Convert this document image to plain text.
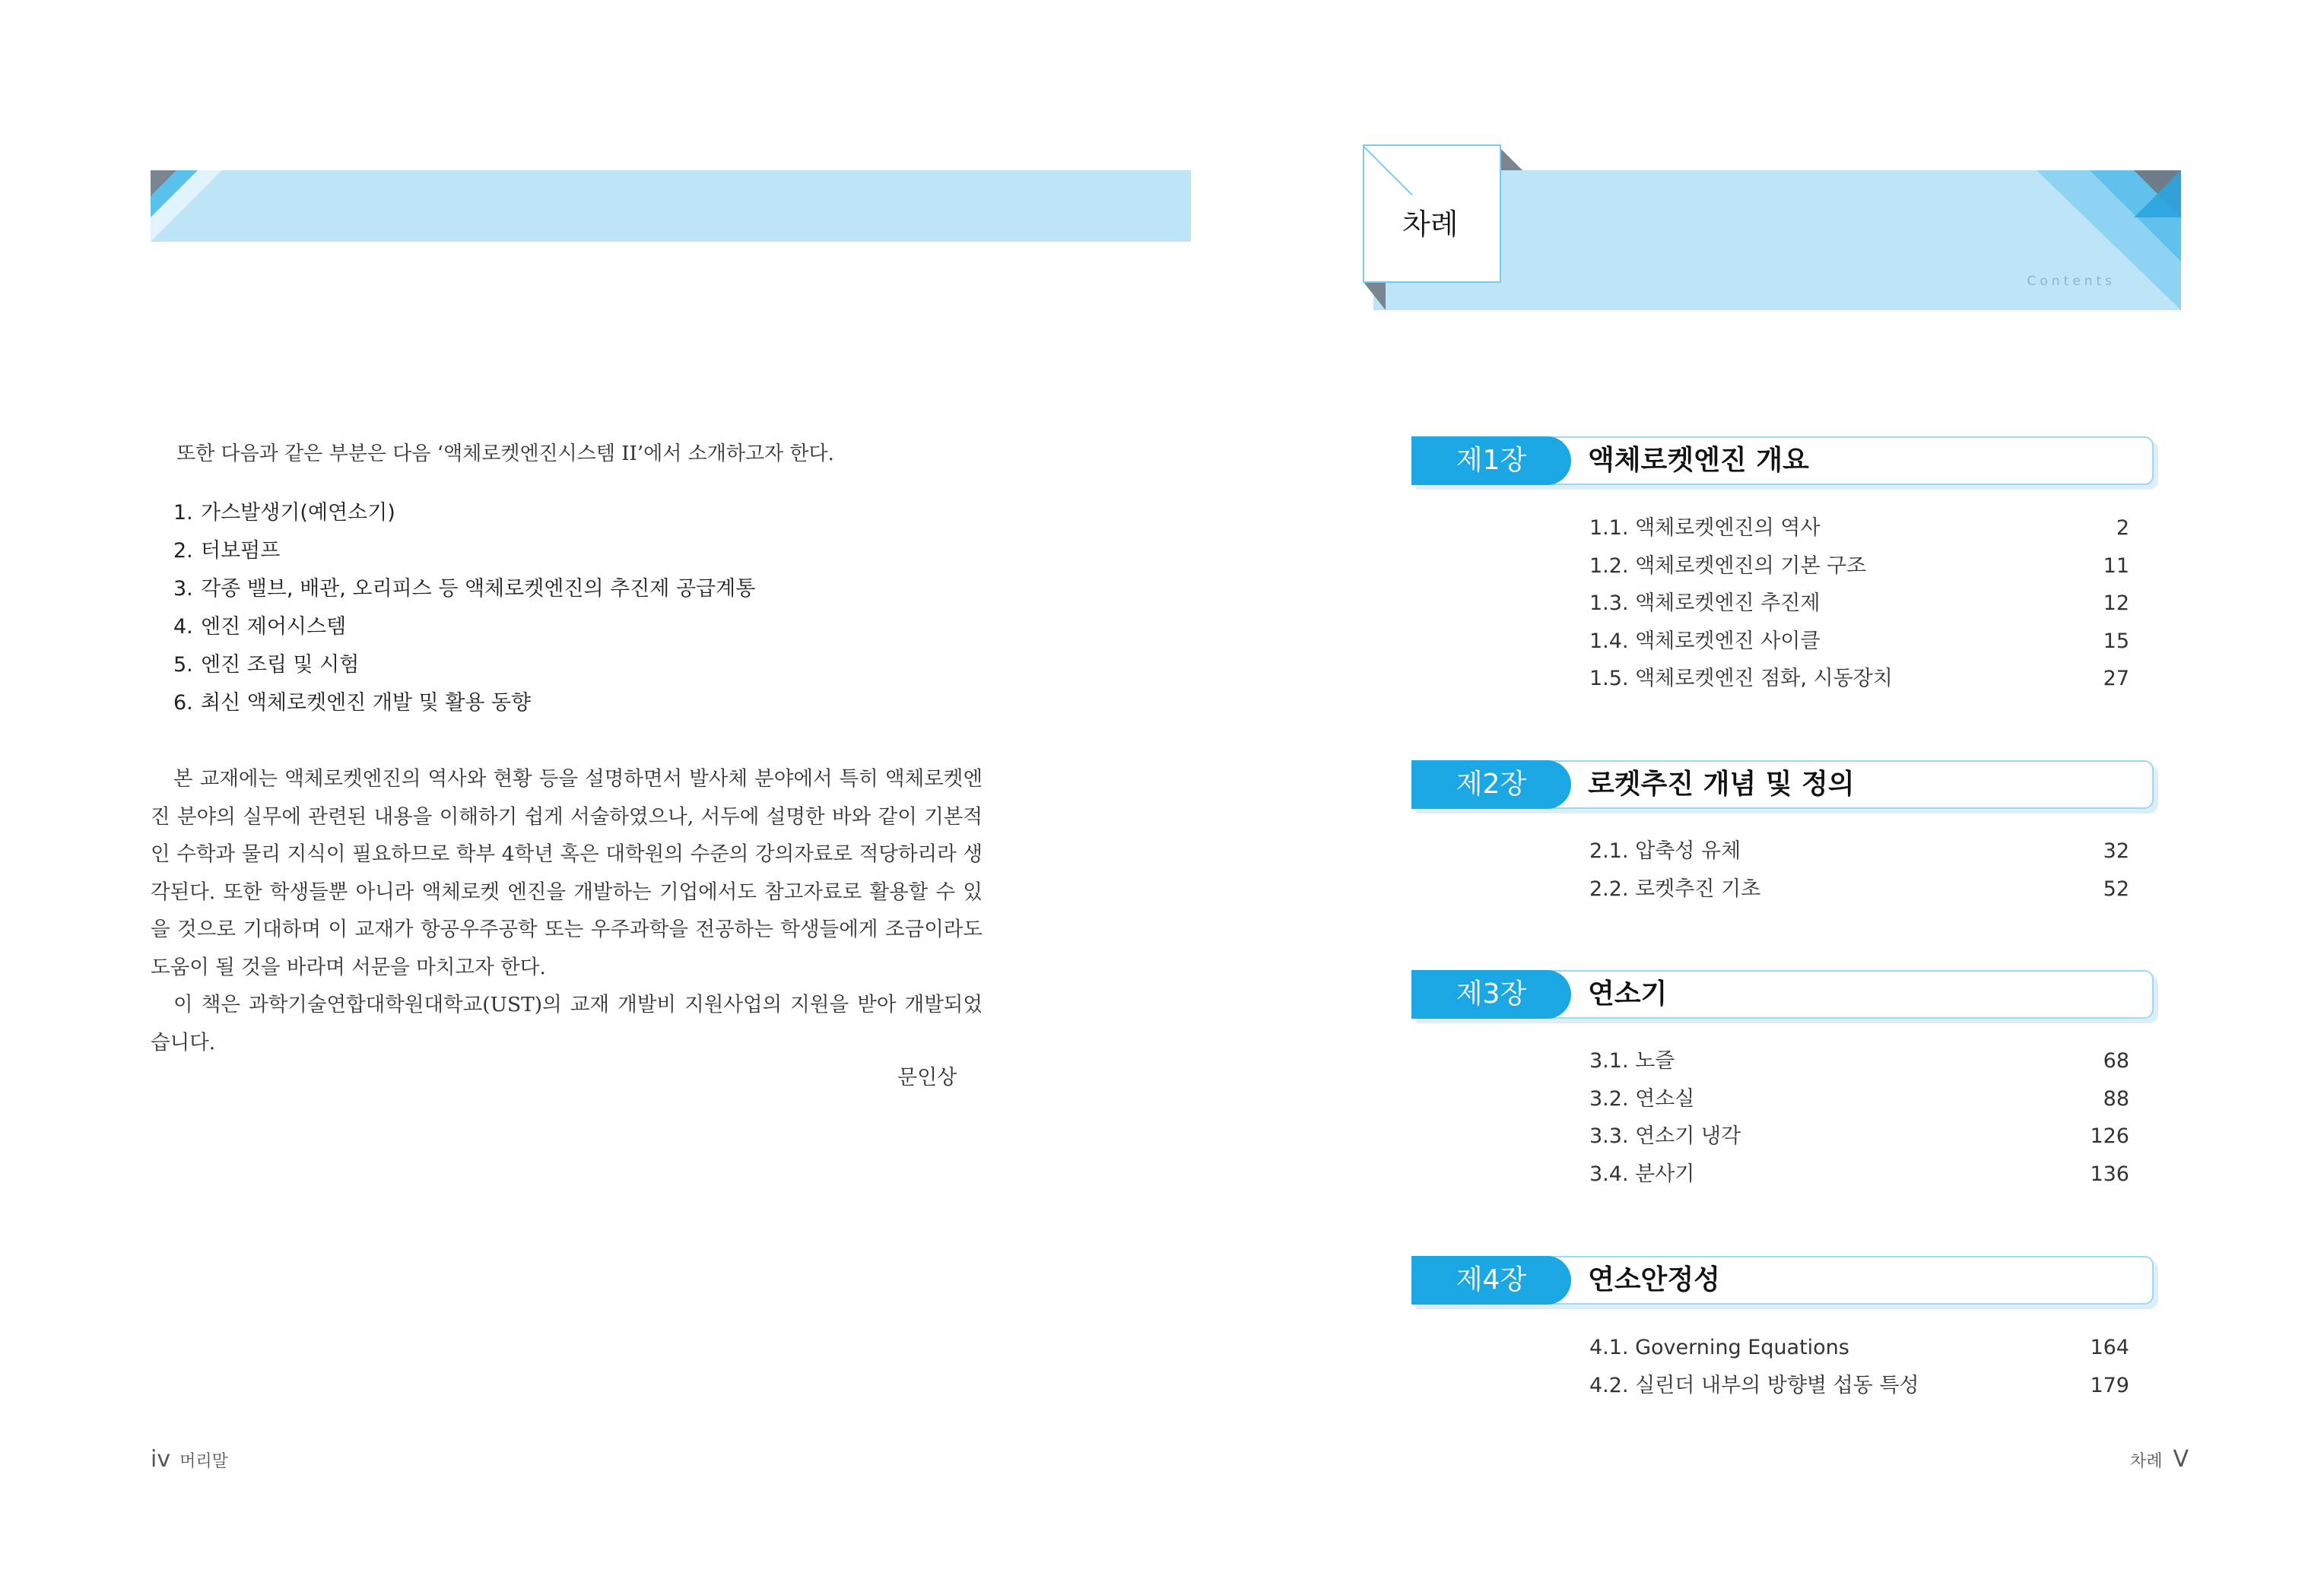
또한 다음과 같은 부분은 다음 ‘액체로켓엔진시스템 II’에서 소개하고자 한다.
1. 가스발생기(예연소기)
2. 터보펌프
3. 각종 밸브, 배관, 오리피스 등 액체로켓엔진의 추진제 공급계통
4. 엔진 제어시스템
5. 엔진 조립 및 시험
6. 최신 액체로켓엔진 개발 및 활용 동향

본 교재에는 액체로켓엔진의 역사와 현황 등을 설명하면서 발사체 분야에서 특히 액체로켓엔진 분야의 실무에 관련된 내용을 이해하기 쉽게 서술하였으나, 서두에 설명한 바와 같이 기본적인 수학과 물리 지식이 필요하므로 학부 4학년 혹은 대학원의 수준의 강의자료로 적당하리라 생각된다. 또한 학생들뿐 아니라 액체로켓 엔진을 개발하는 기업에서도 참고자료로 활용할 수 있을 것으로 기대하며 이 교재가 항공우주공학 또는 우주과학을 전공하는 학생들에게 조금이라도 도움이 될 것을 바라며 서문을 마치고자 한다.

이 책은 과학기술연합대학원대학교(UST)의 교재 개발비 지원사업의 지원을 받아 개발되었습니다.

문인상
iv 머리말
Contents
차례
제1장	액체로켓엔진 개요
1.1. 액체로켓엔진의 역사	2
1.2. 액체로켓엔진의 기본 구조	11
1.3. 액체로켓엔진 추진제	12
1.4. 액체로켓엔진 사이클	15
1.5. 액체로켓엔진 점화, 시동장치	27
제2장	로켓추진 개념 및 정의
2.1. 압축성 유체	32
2.2. 로켓추진 기초	52
제3장	연소기
3.1. 노즐	68
3.2. 연소실	88
3.3. 연소기 냉각	126
3.4. 분사기	136
제4장	연소안정성
4.1. Governing Equations	164
4.2. 실린더 내부의 방향별 섭동 특성	179
차례 V
